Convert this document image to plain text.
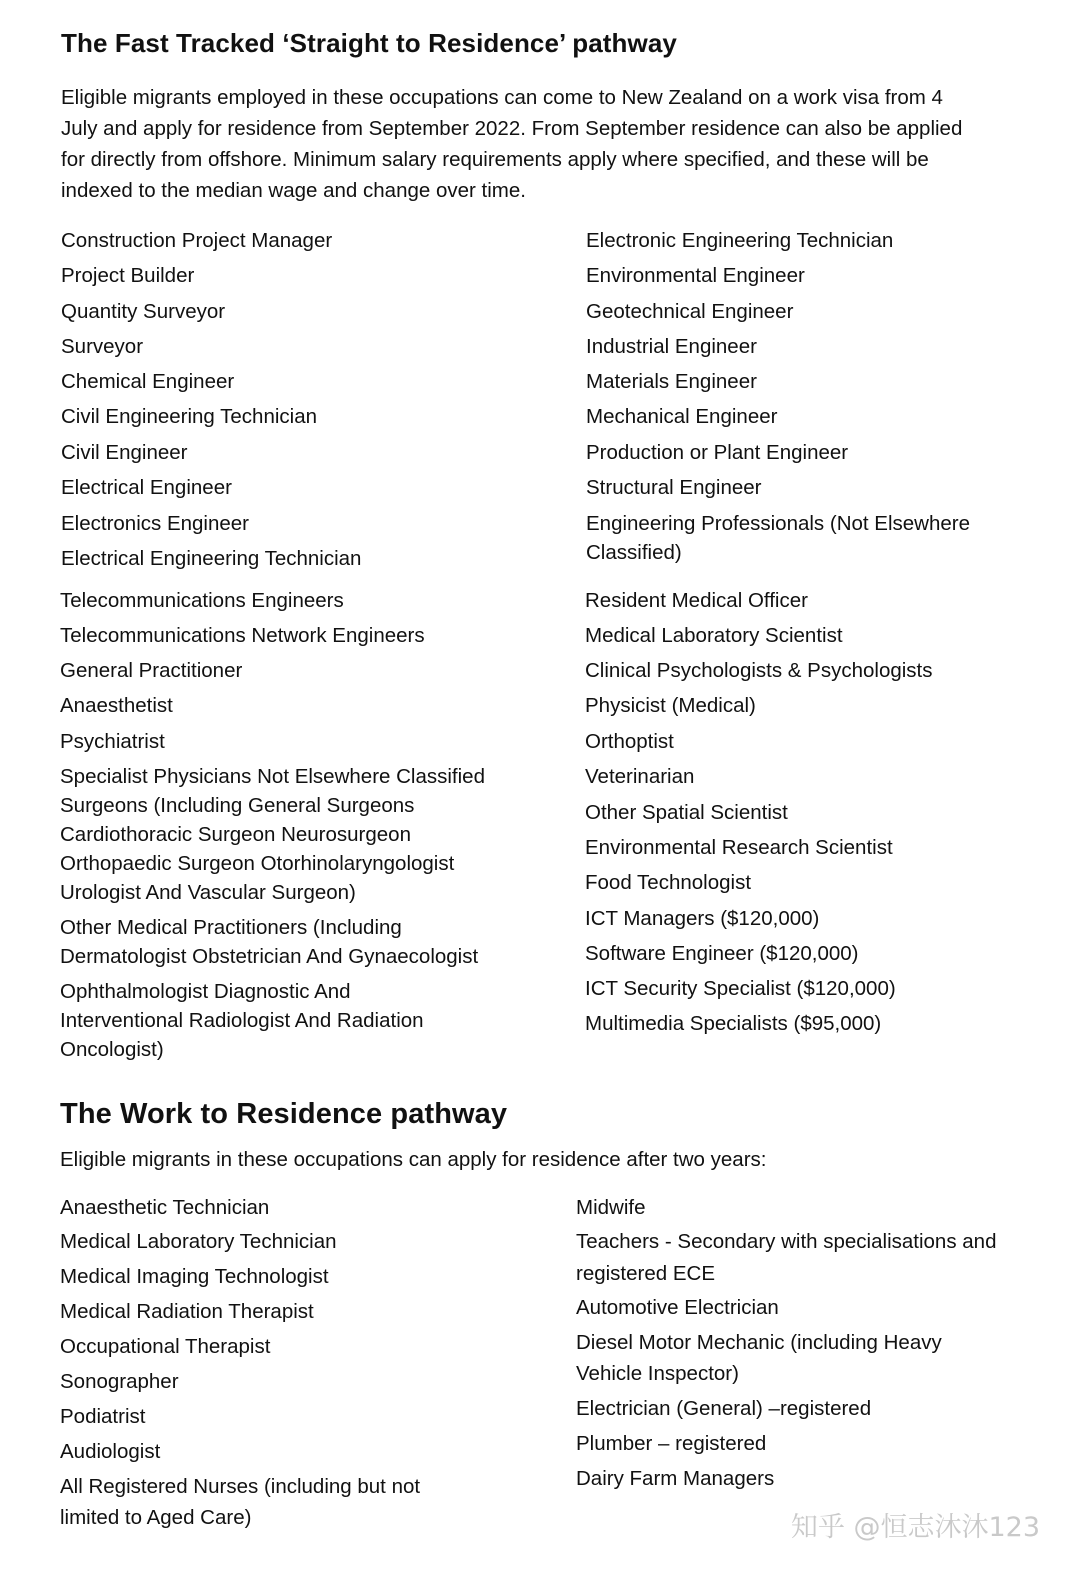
The Fast Tracked ‘Straight to Residence’ pathway
Eligible migrants employed in these occupations can come to New Zealand on a work visa from 4
July and apply for residence from September 2022. From September residence can also be applied
for directly from offshore. Minimum salary requirements apply where specified, and these will be
indexed to the median wage and change over time.
Construction Project Manager
Project Builder
Quantity Surveyor
Surveyor
Chemical Engineer
Civil Engineering Technician
Civil Engineer
Electrical Engineer
Electronics Engineer
Electrical Engineering Technician
Electronic Engineering Technician
Environmental Engineer
Geotechnical Engineer
Industrial Engineer
Materials Engineer
Mechanical Engineer
Production or Plant Engineer
Structural Engineer
Engineering Professionals (Not Elsewhere
Classified)
Telecommunications Engineers
Telecommunications Network Engineers
General Practitioner
Anaesthetist
Psychiatrist
Specialist Physicians Not Elsewhere Classified
Surgeons (Including General Surgeons
Cardiothoracic Surgeon Neurosurgeon
Orthopaedic Surgeon Otorhinolaryngologist
Urologist And Vascular Surgeon)
Other Medical Practitioners (Including
Dermatologist Obstetrician And Gynaecologist
Ophthalmologist Diagnostic And
Interventional Radiologist And Radiation
Oncologist)
Resident Medical Officer
Medical Laboratory Scientist
Clinical Psychologists & Psychologists
Physicist (Medical)
Orthoptist
Veterinarian
Other Spatial Scientist
Environmental Research Scientist
Food Technologist
ICT Managers ($120,000)
Software Engineer ($120,000)
ICT Security Specialist ($120,000)
Multimedia Specialists ($95,000)
The Work to Residence pathway
Eligible migrants in these occupations can apply for residence after two years:
Anaesthetic Technician
Medical Laboratory Technician
Medical Imaging Technologist
Medical Radiation Therapist
Occupational Therapist
Sonographer
Podiatrist
Audiologist
All Registered Nurses (including but not
limited to Aged Care)
Midwife
Teachers - Secondary with specialisations and
registered ECE
Automotive Electrician
Diesel Motor Mechanic (including Heavy
Vehicle Inspector)
Electrician (General) –registered
Plumber – registered
Dairy Farm Managers
知乎 @恒志沐沐123
